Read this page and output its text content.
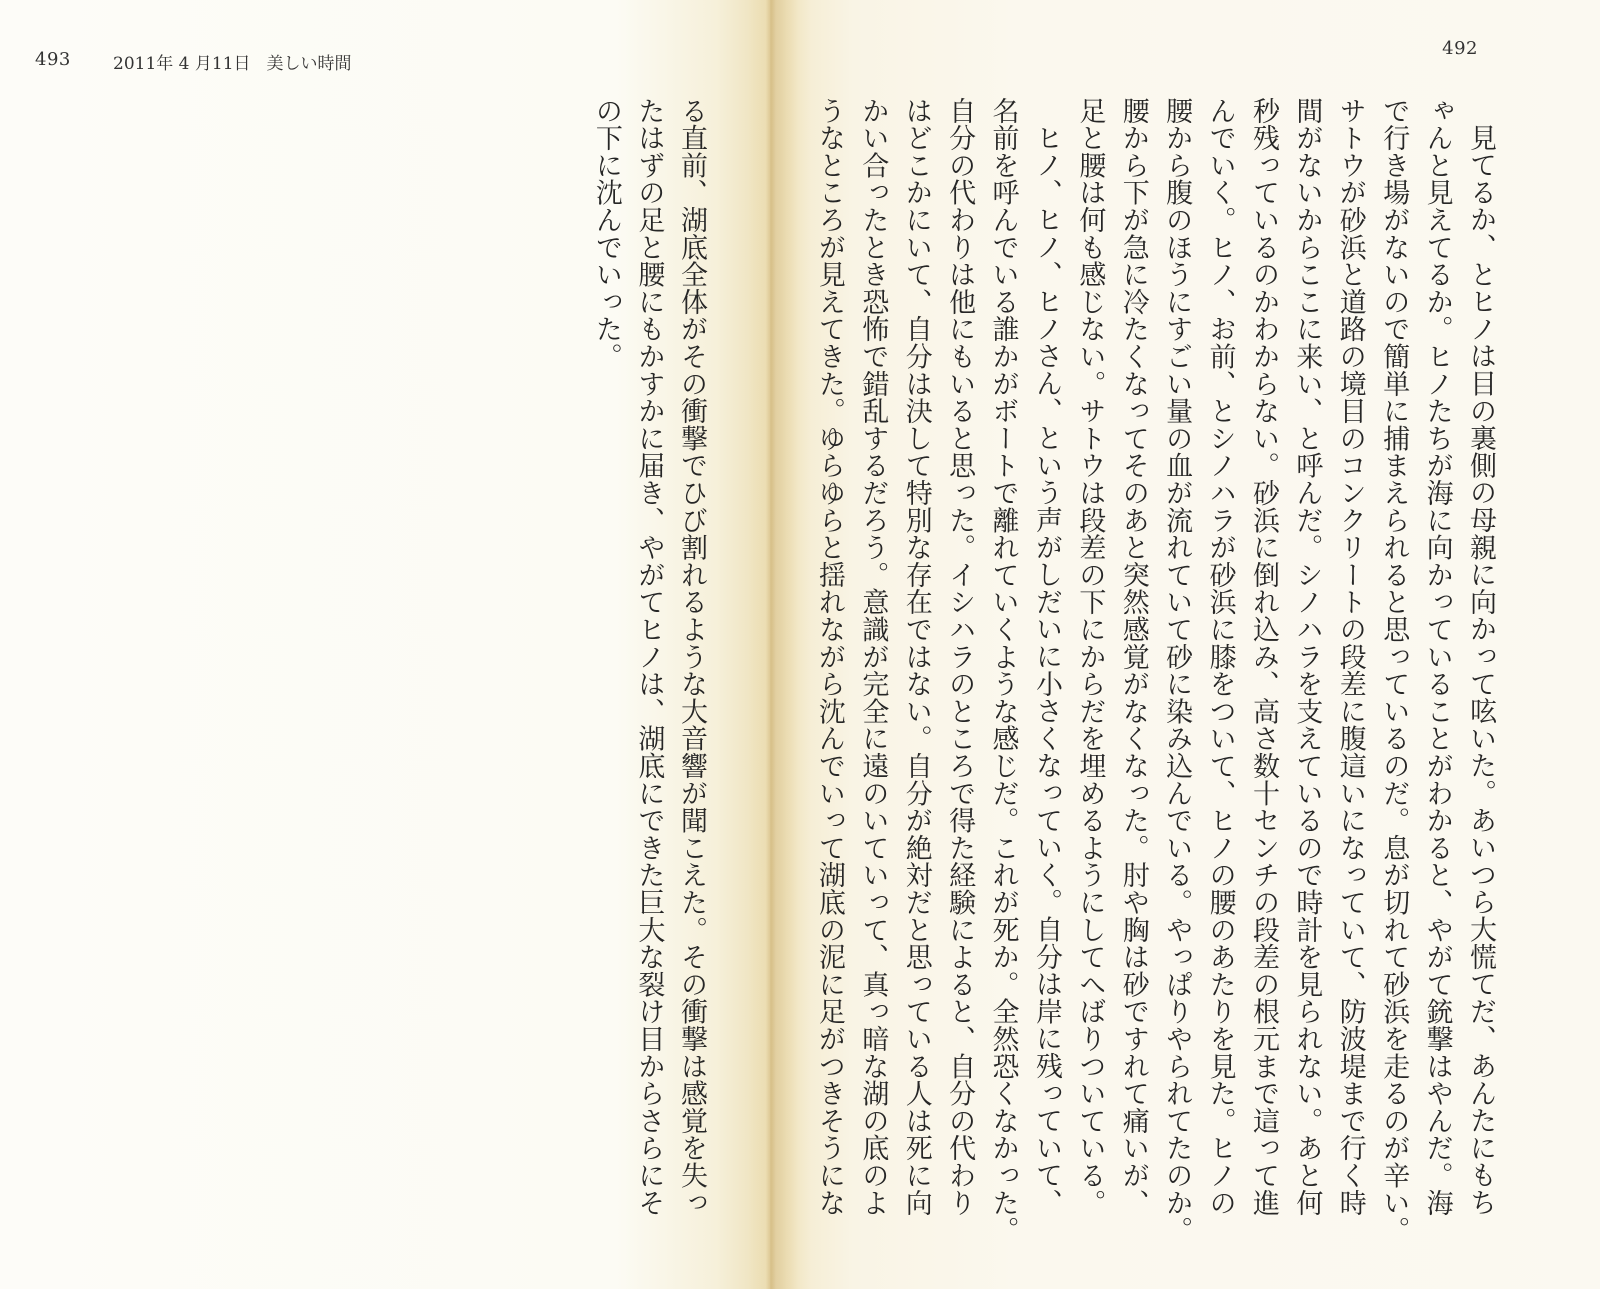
493 2011年 4 月11日 美しい時間
492
見てるか、とヒノは目の裏側の母親に向かって呟いた。あいつら大慌てだ、あんたにもち
ゃんと見えてるか。ヒノたちが海に向かっていることがわかると、やがて銃撃はやんだ。海
で行き場がないので簡単に捕まえられると思っているのだ。息が切れて砂浜を走るのが辛い。
サトウが砂浜と道路の境目のコンクリートの段差に腹這いになっていて、防波堤まで行く時
間がないからここに来い、と呼んだ。シノハラを支えているので時計を見られない。あと何
秒残っているのかわからない。砂浜に倒れ込み、高さ数十センチの段差の根元まで這って進
んでいく。ヒノ、お前、とシノハラが砂浜に膝をついて、ヒノの腰のあたりを見た。ヒノの
腰から腹のほうにすごい量の血が流れていて砂に染み込んでいる。やっぱりやられてたのか。
腰から下が急に冷たくなってそのあと突然感覚がなくなった。肘や胸は砂ですれて痛いが、
足と腰は何も感じない。サトウは段差の下にからだを埋めるようにしてへばりついている。
ヒノ、ヒノ、ヒノさん、という声がしだいに小さくなっていく。自分は岸に残っていて、
名前を呼んでいる誰かがボートで離れていくような感じだ。これが死か。全然恐くなかった。
自分の代わりは他にもいると思った。イシハラのところで得た経験によると、自分の代わり
はどこかにいて、自分は決して特別な存在ではない。自分が絶対だと思っている人は死に向
かい合ったとき恐怖で錯乱するだろう。意識が完全に遠のいていって、真っ暗な湖の底のよ
うなところが見えてきた。ゆらゆらと揺れながら沈んでいって湖底の泥に足がつきそうにな
る直前、湖底全体がその衝撃でひび割れるような大音響が聞こえた。その衝撃は感覚を失っ
たはずの足と腰にもかすかに届き、やがてヒノは、湖底にできた巨大な裂け目からさらにそ
の下に沈んでいった。
